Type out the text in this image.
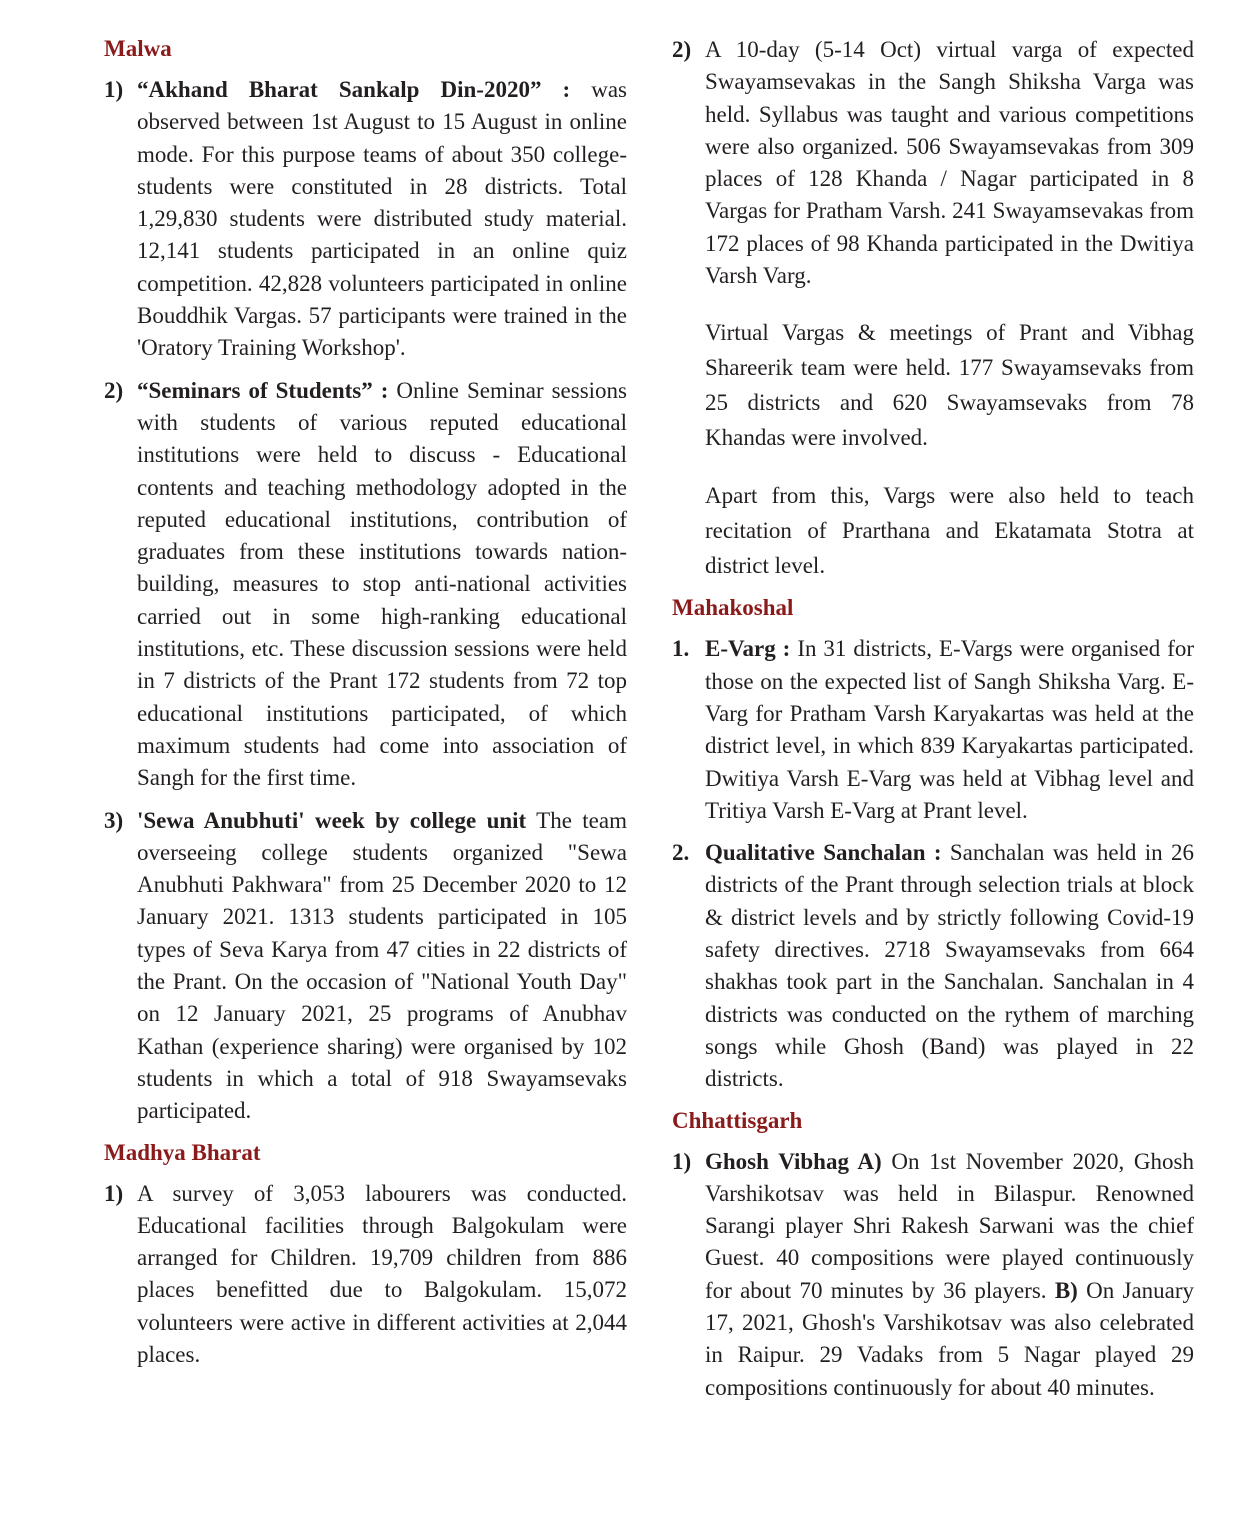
Malwa
1) “Akhand Bharat Sankalp Din-2020” : was observed between 1st August to 15 August in online mode. For this purpose teams of about 350 college-students were constituted in 28 districts. Total 1,29,830 students were distributed study material. 12,141 students participated in an online quiz competition. 42,828 volunteers participated in online Bouddhik Vargas. 57 participants were trained in the 'Oratory Training Workshop'.

2) “Seminars of Students” : Online Seminar sessions with students of various reputed educational institutions were held to discuss - Educational contents and teaching methodology adopted in the reputed educational institutions, contribution of graduates from these institutions towards nation-building, measures to stop anti-national activities carried out in some high-ranking educational institutions, etc. These discussion sessions were held in 7 districts of the Prant 172 students from 72 top educational institutions participated, of which maximum students had come into association of Sangh for the first time.

3) 'Sewa Anubhuti' week by college unit The team overseeing college students organized "Sewa Anubhuti Pakhwara" from 25 December 2020 to 12 January 2021. 1313 students participated in 105 types of Seva Karya from 47 cities in 22 districts of the Prant. On the occasion of "National Youth Day" on 12 January 2021, 25 programs of Anubhav Kathan (experience sharing) were organised by 102 students in which a total of 918 Swayamsevaks participated.

Madhya Bharat
1) A survey of 3,053 labourers was conducted. Educational facilities through Balgokulam were arranged for Children. 19,709 children from 886 places benefitted due to Balgokulam. 15,072 volunteers were active in different activities at 2,044 places.

2) A 10-day (5-14 Oct) virtual varga of expected Swayamsevakas in the Sangh Shiksha Varga was held. Syllabus was taught and various competitions were also organized. 506 Swayamsevakas from 309 places of 128 Khanda / Nagar participated in 8 Vargas for Pratham Varsh. 241 Swayamsevakas from 172 places of 98 Khanda participated in the Dwitiya Varsh Varg.

Virtual Vargas & meetings of Prant and Vibhag Shareerik team were held. 177 Swayamsevaks from 25 districts and 620 Swayamsevaks from 78 Khandas were involved.

Apart from this, Vargs were also held to teach recitation of Prarthana and Ekatamata Stotra at district level.

Mahakoshal
1. E-Varg : In 31 districts, E-Vargs were organised for those on the expected list of Sangh Shiksha Varg. E-Varg for Pratham Varsh Karyakartas was held at the district level, in which 839 Karyakartas participated. Dwitiya Varsh E-Varg was held at Vibhag level and Tritiya Varsh E-Varg at Prant level.

2. Qualitative Sanchalan : Sanchalan was held in 26 districts of the Prant through selection trials at block & district levels and by strictly following Covid-19 safety directives. 2718 Swayamsevaks from 664 shakhas took part in the Sanchalan. Sanchalan in 4 districts was conducted on the rythem of marching songs while Ghosh (Band) was played in 22 districts.

Chhattisgarh
1) Ghosh Vibhag A) On 1st November 2020, Ghosh Varshikotsav was held in Bilaspur. Renowned Sarangi player Shri Rakesh Sarwani was the chief Guest. 40 compositions were played continuously for about 70 minutes by 36 players. B) On January 17, 2021, Ghosh's Varshikotsav was also celebrated in Raipur. 29 Vadaks from 5 Nagar played 29 compositions continuously for about 40 minutes.
